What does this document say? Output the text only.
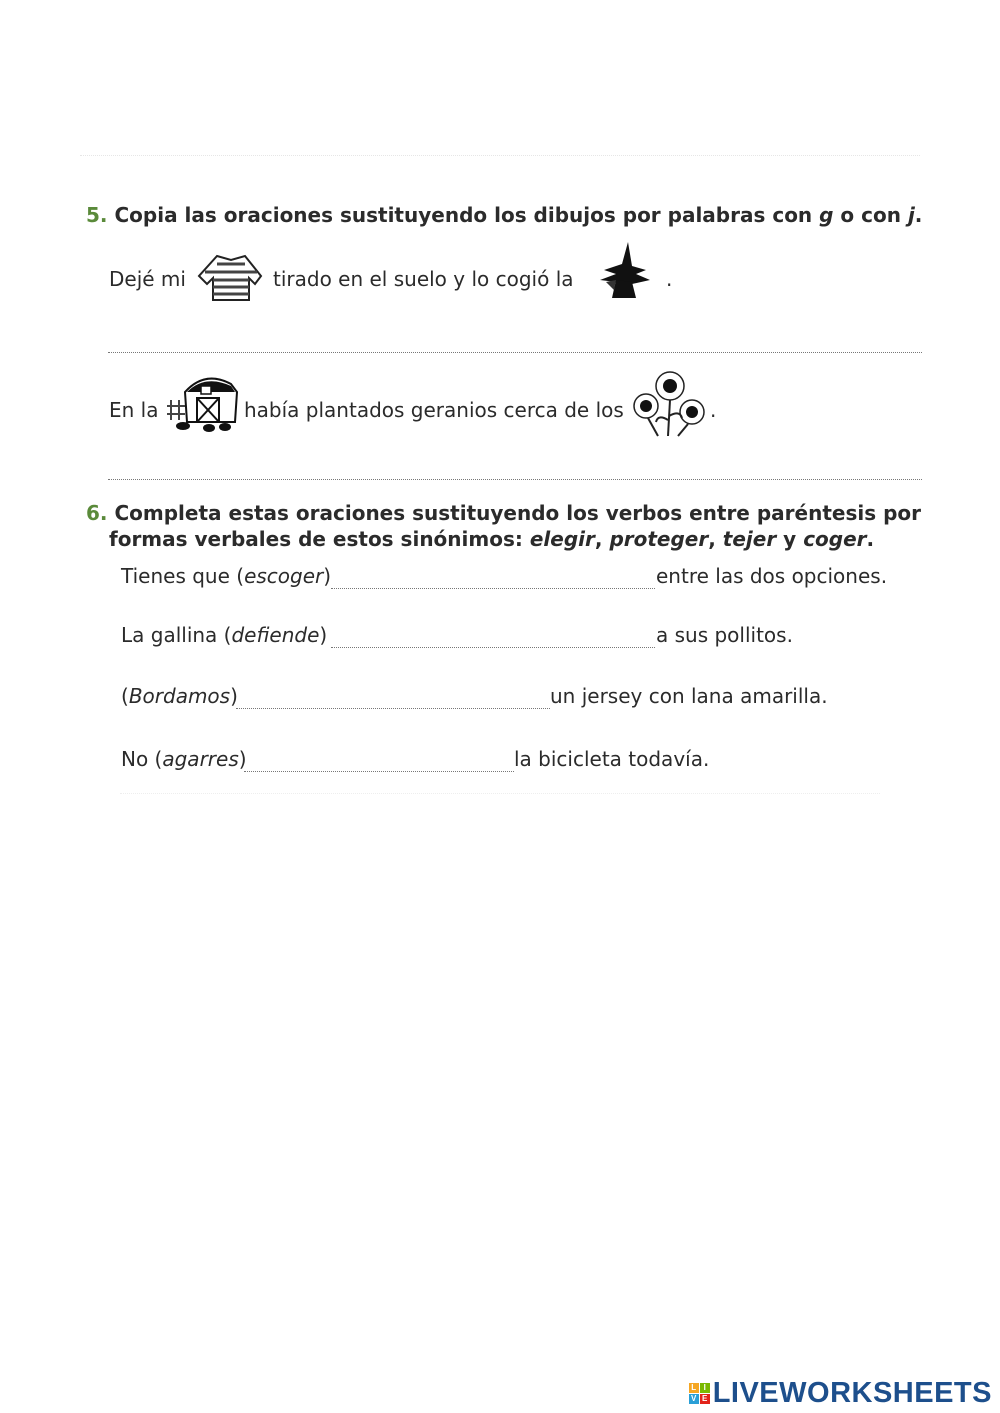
5. Copia las oraciones sustituyendo los dibujos por palabras con g o con j.
Dejé mi	tirado en el suelo y lo cogió la	.
En la	había plantados geranios cerca de los	.
6. Completa estas oraciones sustituyendo los verbos entre paréntesis por
formas verbales de estos sinónimos: elegir, proteger, tejer y coger.
Tienes que (escoger)	entre las dos opciones.
La gallina (defiende)	a sus pollitos.
(Bordamos)	un jersey con lana amarilla.
No (agarres)	la bicicleta todavía.
L I
V E LIVEWORKSHEETS
